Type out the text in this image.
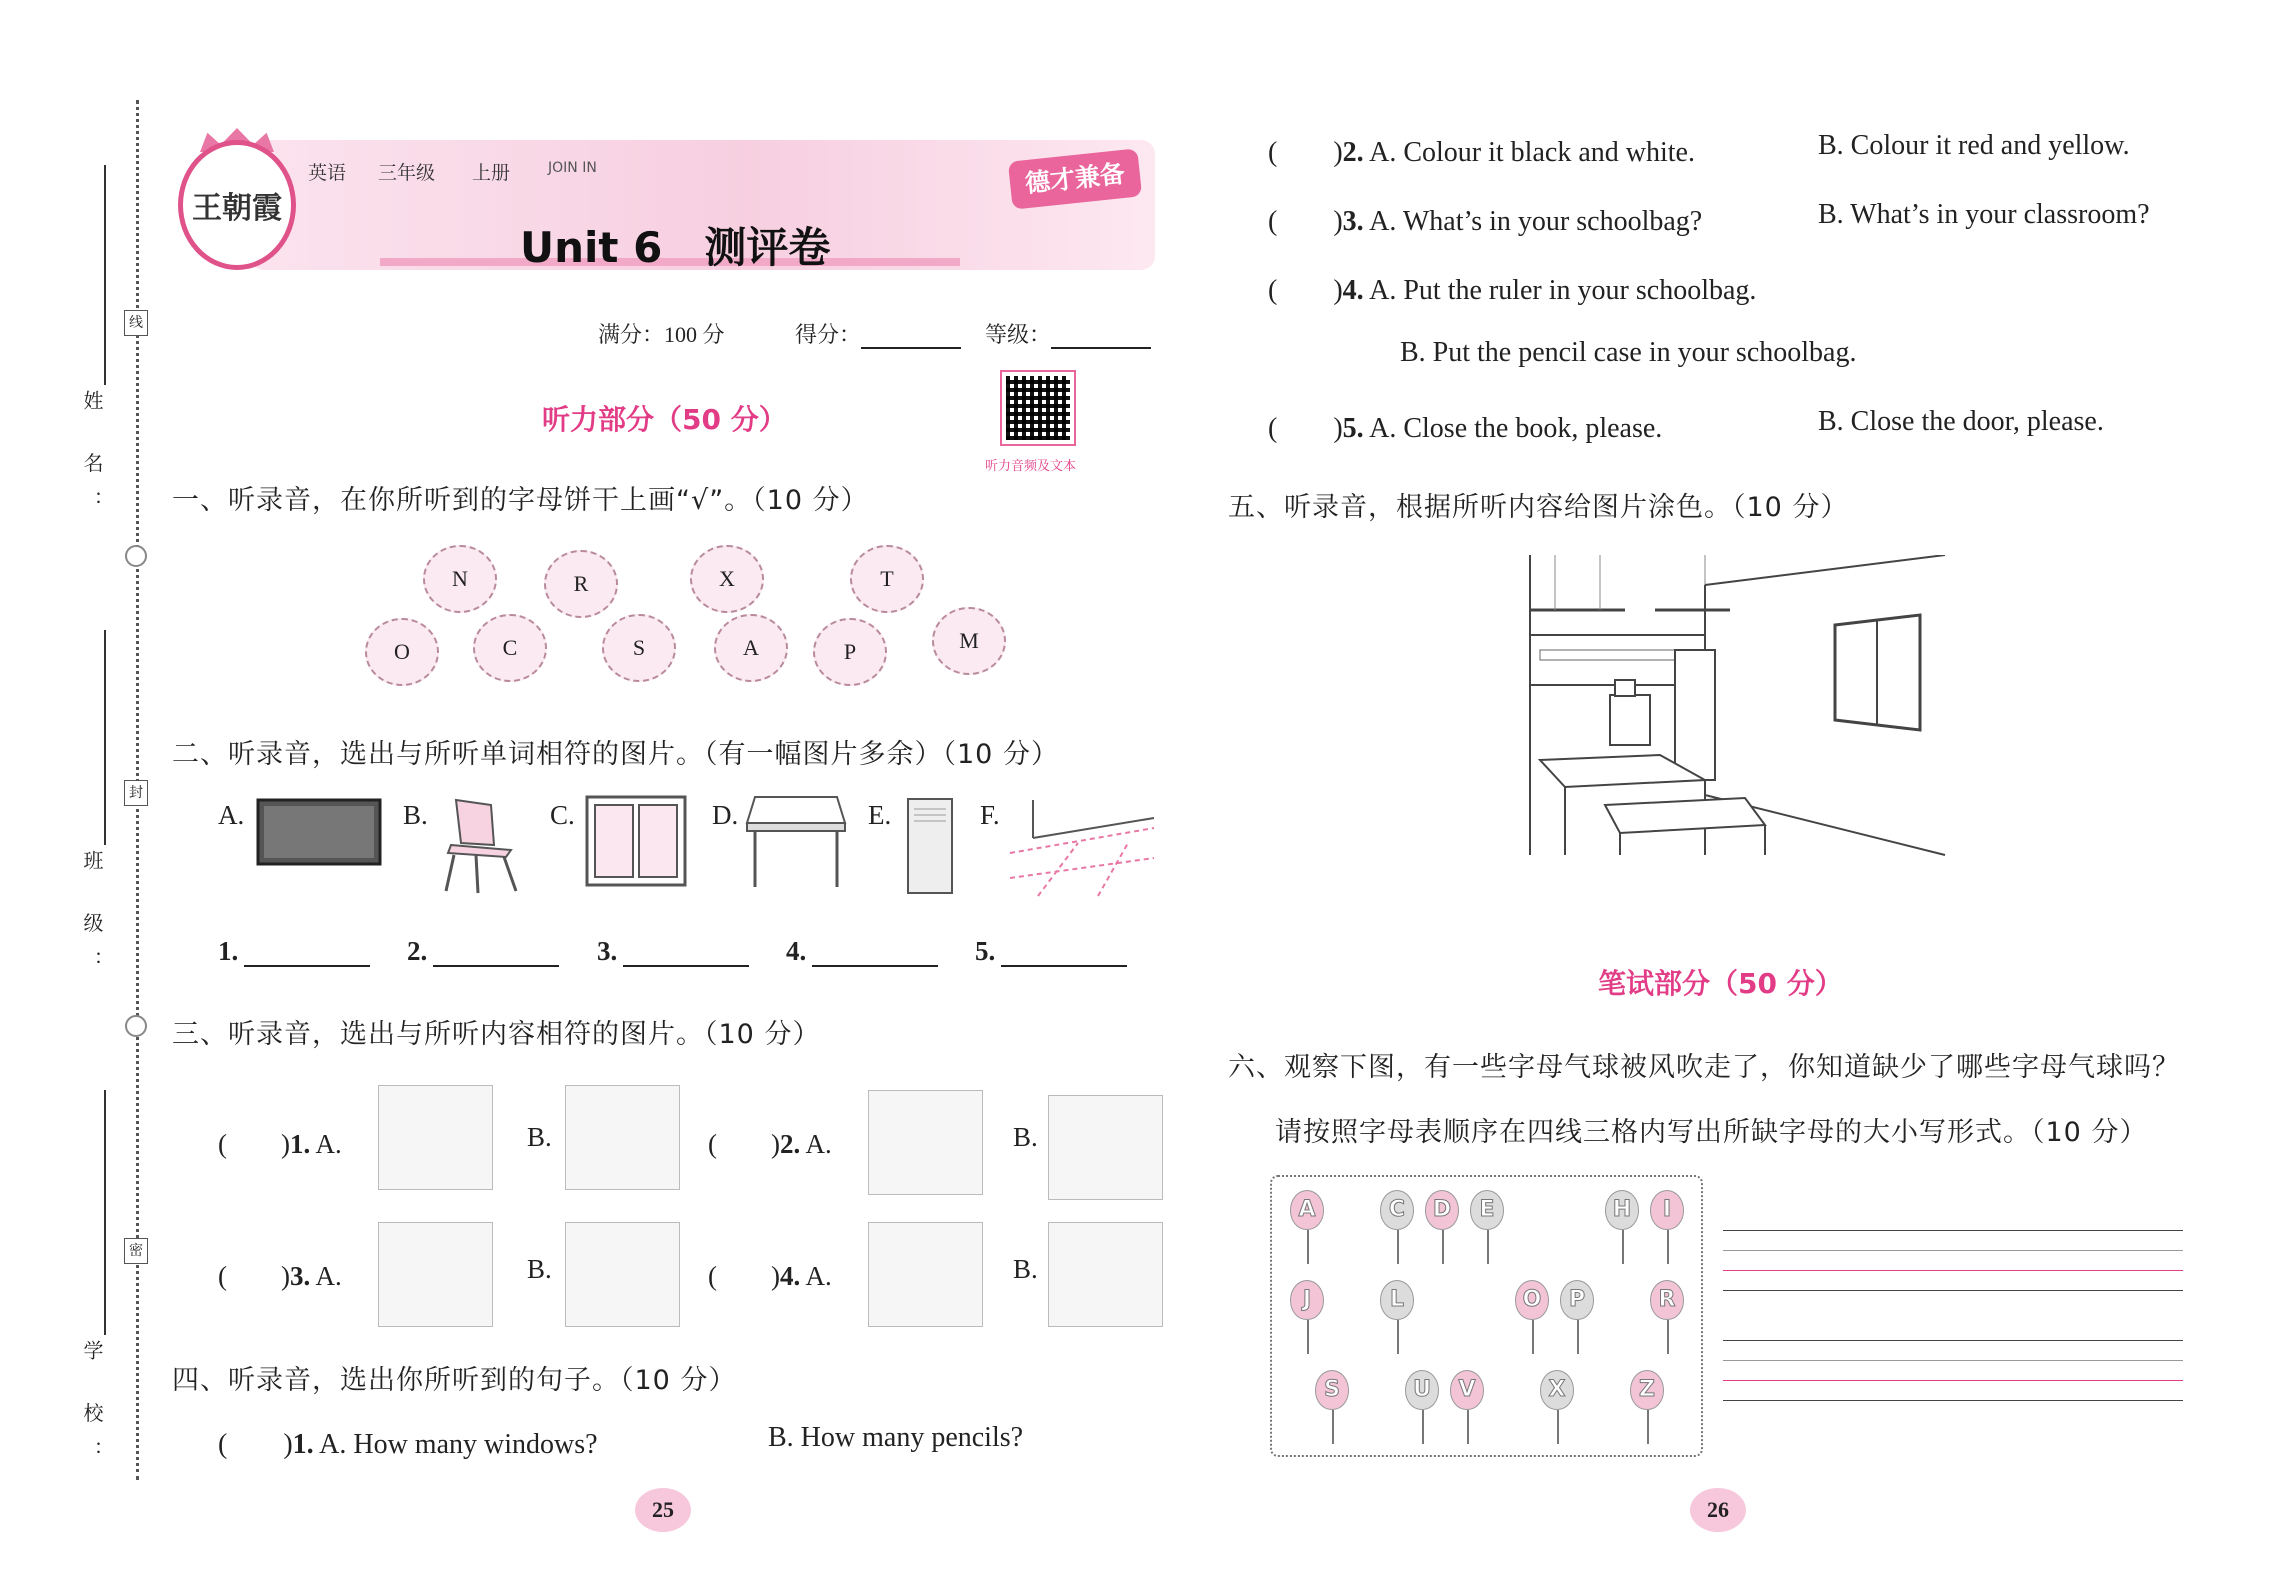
线
封
密
姓 名：
班 级：
学 校：
王朝霞
英语 三年级 上册	JOIN IN	德才兼备
Unit 6　测评卷
满分：100 分	得分：	等级：
听力部分（50 分）
听力音频及文本
一、听录音，在你所听到的字母饼干上画“√”。（10 分）
N	R	X	T
O	C	S	A	P	M
二、听录音，选出与所听单词相符的图片。（有一幅图片多余）（10 分）
A.	B.	C.	D.	E.	F.
1.	2.	3.	4.	5.
三、听录音，选出与所听内容相符的图片。（10 分）
(　　)1. A.	B.	(　　)2. A.	B.
(　　)3. A.	B.	(　　)4. A.	B.
四、听录音，选出你所听到的句子。（10 分）
(　　)1. A. How many windows?	B. How many pencils?
(　　)2. A. Colour it black and white.	B. Colour it red and yellow.
(　　)3. A. What’s in your schoolbag?	B. What’s in your classroom?
(　　)4. A. Put the ruler in your schoolbag.
B. Put the pencil case in your schoolbag.
(　　)5. A. Close the book, please.	B. Close the door, please.
五、听录音，根据所听内容给图片涂色。（10 分）
笔试部分（50 分）
六、观察下图，有一些字母气球被风吹走了，你知道缺少了哪些字母气球吗？
请按照字母表顺序在四线三格内写出所缺字母的大小写形式。（10 分）
A	C	D	E	H	I
J	L	O	P	R
S	U	V	X	Z
25	26
